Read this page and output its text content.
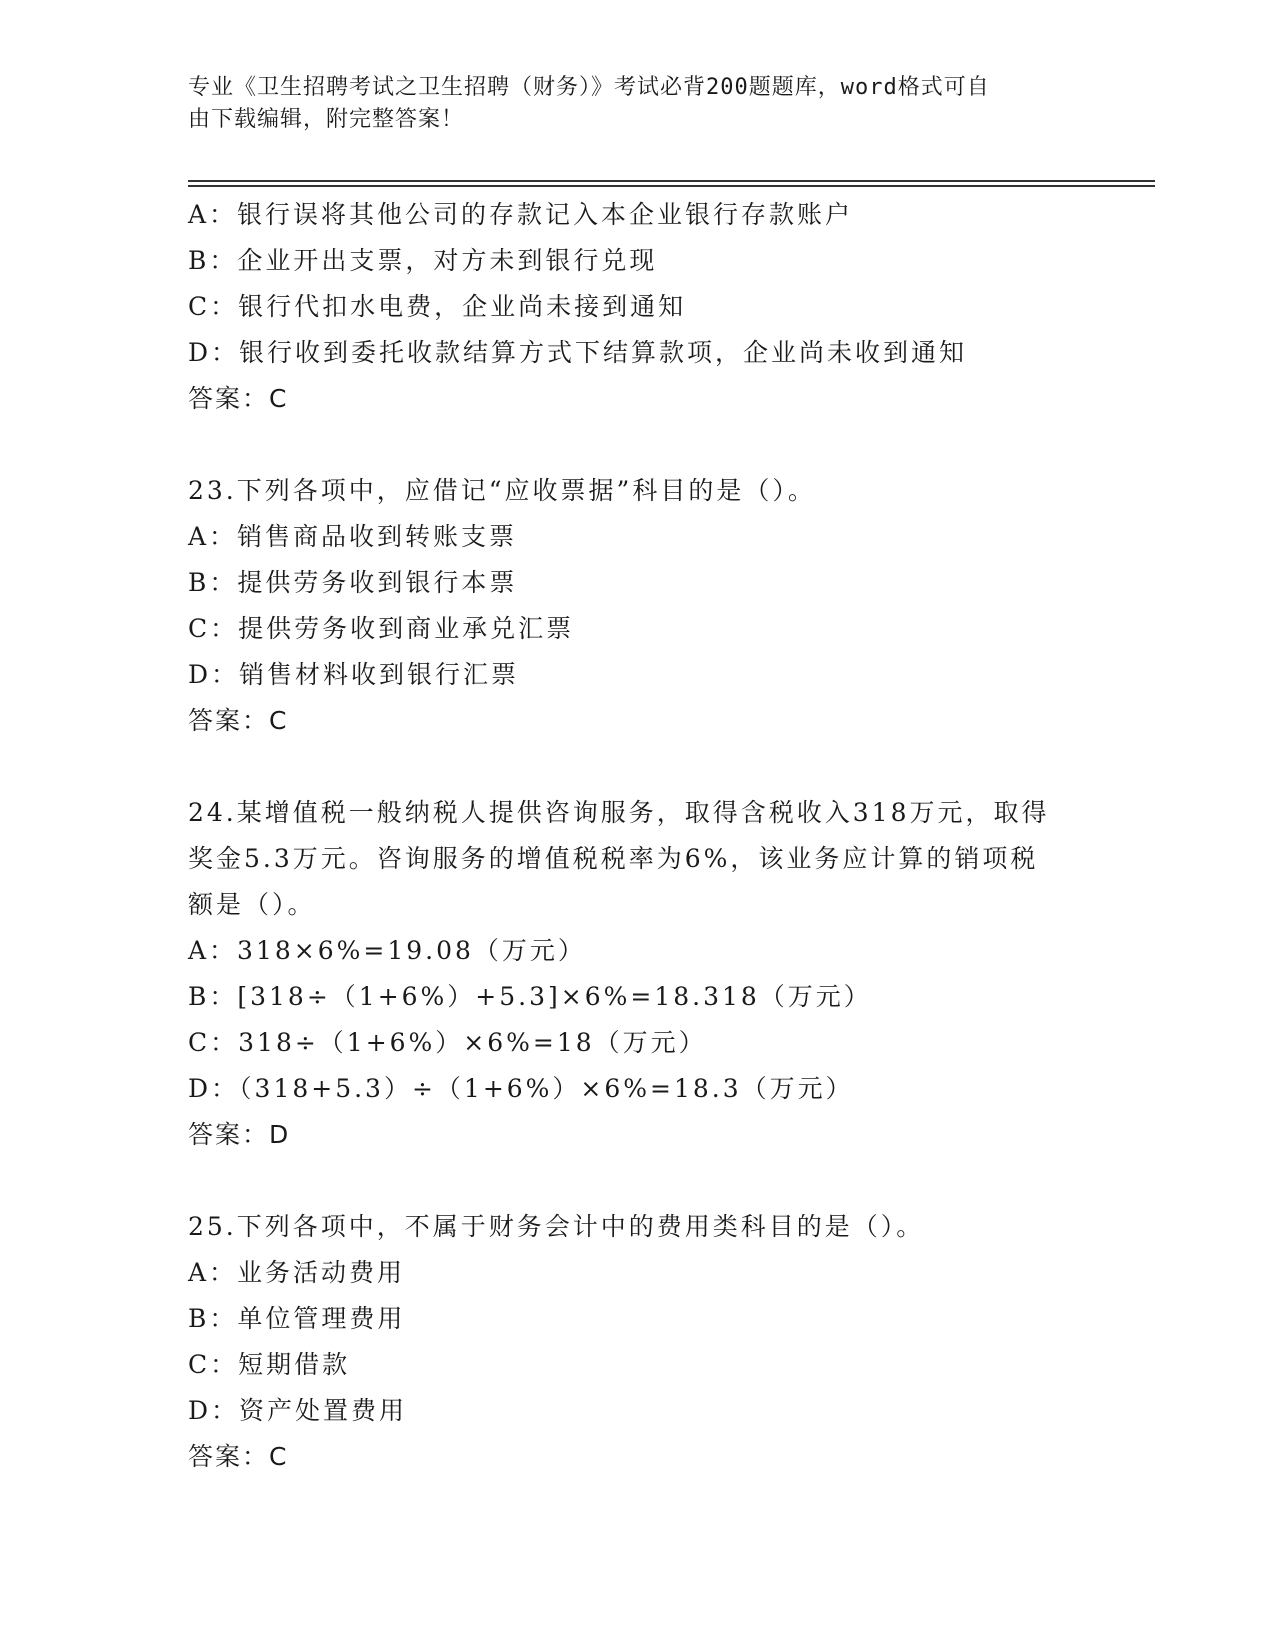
专业《卫生招聘考试之卫生招聘（财务）》考试必背200题题库，word格式可自
由下载编辑，附完整答案！
A：银行误将其他公司的存款记入本企业银行存款账户
B：企业开出支票，对方未到银行兑现
C：银行代扣水电费，企业尚未接到通知
D：银行收到委托收款结算方式下结算款项，企业尚未收到通知
答案：C
23.下列各项中，应借记“应收票据”科目的是（）。
A：销售商品收到转账支票
B：提供劳务收到银行本票
C：提供劳务收到商业承兑汇票
D：销售材料收到银行汇票
答案：C
24.某增值税一般纳税人提供咨询服务，取得含税收入318万元，取得
奖金5.3万元。咨询服务的增值税税率为6%，该业务应计算的销项税
额是（）。
A：318×6%=19.08（万元）
B：[318÷（1+6%）+5.3]×6%=18.318（万元）
C：318÷（1+6%）×6%=18（万元）
D：（318+5.3）÷（1+6%）×6%=18.3（万元）
答案：D
25.下列各项中，不属于财务会计中的费用类科目的是（）。
A：业务活动费用
B：单位管理费用
C：短期借款
D：资产处置费用
答案：C
